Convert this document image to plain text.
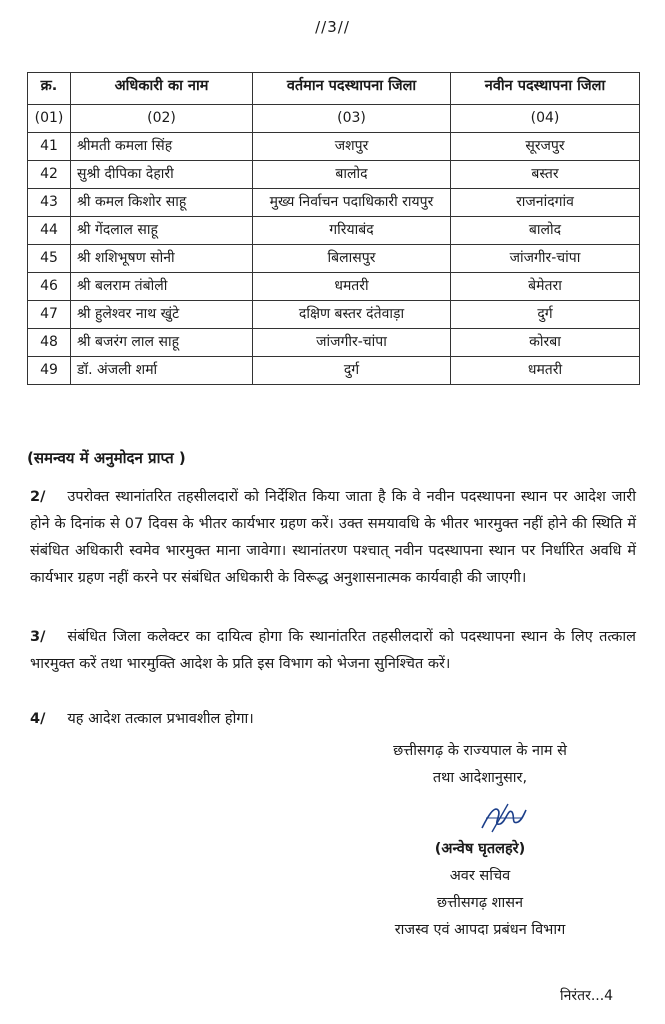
//3//
क्र.	अधिकारी का नाम	वर्तमान पदस्थापना जिला	नवीन पदस्थापना जिला
(01)	(02)	(03)	(04)
41	श्रीमती कमला सिंह	जशपुर	सूरजपुर
42	सुश्री दीपिका देहारी	बालोद	बस्तर
43	श्री कमल किशोर साहू	मुख्य निर्वाचन पदाधिकारी रायपुर	राजनांदगांव
44	श्री गेंदलाल साहू	गरियाबंद	बालोद
45	श्री शशिभूषण सोनी	बिलासपुर	जांजगीर-चांपा
46	श्री बलराम तंबोली	धमतरी	बेमेतरा
47	श्री हुलेश्वर नाथ खुंटे	दक्षिण बस्तर दंतेवाड़ा	दुर्ग
48	श्री बजरंग लाल साहू	जांजगीर-चांपा	कोरबा
49	डॉ. अंजली शर्मा	दुर्ग	धमतरी
(समन्वय में अनुमोदन प्राप्त )
2/ उपरोक्त स्थानांतरित तहसीलदारों को निर्देशित किया जाता है कि वे नवीन पदस्थापना स्थान पर आदेश जारी होने के दिनांक से 07 दिवस के भीतर कार्यभार ग्रहण करें। उक्त समयावधि के भीतर भारमुक्त नहीं होने की स्थिति में संबंधित अधिकारी स्वमेव भारमुक्त माना जावेगा। स्थानांतरण पश्चात् नवीन पदस्थापना स्थान पर निर्धारित अवधि में कार्यभार ग्रहण नहीं करने पर संबंधित अधिकारी के विरूद्ध अनुशासनात्मक कार्यवाही की जाएगी।
3/ संबंधित जिला कलेक्टर का दायित्व होगा कि स्थानांतरित तहसीलदारों को पदस्थापना स्थान के लिए तत्काल भारमुक्त करें तथा भारमुक्ति आदेश के प्रति इस विभाग को भेजना सुनिश्चित करें।
4/ यह आदेश तत्काल प्रभावशील होगा।
छत्तीसगढ़ के राज्यपाल के नाम से
तथा आदेशानुसार,
(अन्वेष घृतलहरे)
अवर सचिव
छत्तीसगढ़ शासन
राजस्व एवं आपदा प्रबंधन विभाग
निरंतर...4
